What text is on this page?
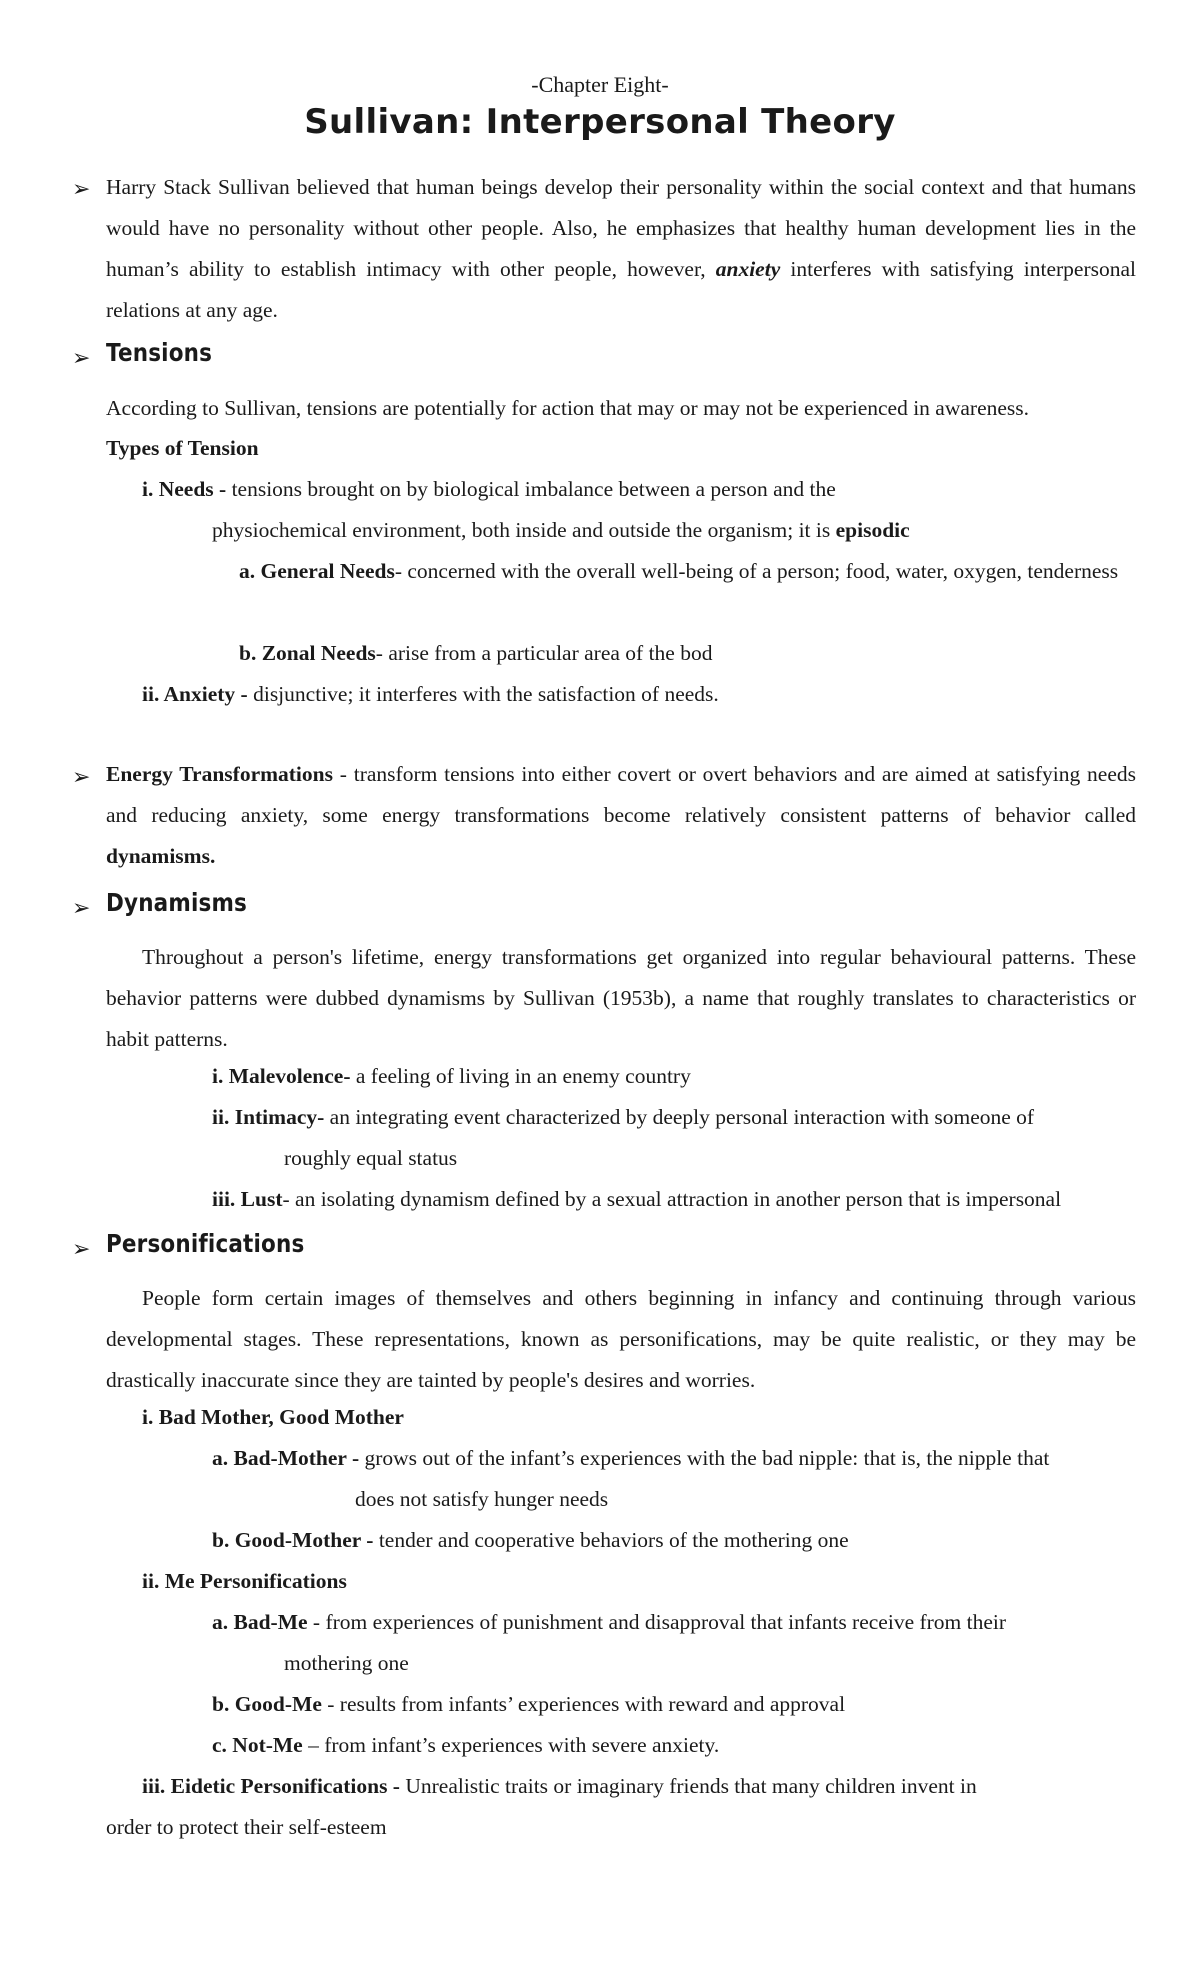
-Chapter Eight-
Sullivan: Interpersonal Theory
➢ Harry Stack Sullivan believed that human beings develop their personality within the social context and that humans would have no personality without other people. Also, he emphasizes that healthy human development lies in the human’s ability to establish intimacy with other people, however, anxiety interferes with satisfying interpersonal relations at any age.
➢ Tensions
According to Sullivan, tensions are potentially for action that may or may not be experienced in awareness.
Types of Tension
i. Needs - tensions brought on by biological imbalance between a person and the
physiochemical environment, both inside and outside the organism; it is episodic
a. General Needs- concerned with the overall well-being of a person; food, water, oxygen, tenderness
b. Zonal Needs- arise from a particular area of the bod
ii. Anxiety - disjunctive; it interferes with the satisfaction of needs.
➢ Energy Transformations - transform tensions into either covert or overt behaviors and are aimed at satisfying needs and reducing anxiety, some energy transformations become relatively consistent patterns of behavior called dynamisms.
➢ Dynamisms
Throughout a person's lifetime, energy transformations get organized into regular behavioural patterns. These behavior patterns were dubbed dynamisms by Sullivan (1953b), a name that roughly translates to characteristics or habit patterns.
i. Malevolence- a feeling of living in an enemy country
ii. Intimacy- an integrating event characterized by deeply personal interaction with someone of
roughly equal status
iii. Lust- an isolating dynamism defined by a sexual attraction in another person that is impersonal
➢ Personifications
People form certain images of themselves and others beginning in infancy and continuing through various developmental stages. These representations, known as personifications, may be quite realistic, or they may be drastically inaccurate since they are tainted by people's desires and worries.
i. Bad Mother, Good Mother
a. Bad-Mother - grows out of the infant’s experiences with the bad nipple: that is, the nipple that
does not satisfy hunger needs
b. Good-Mother - tender and cooperative behaviors of the mothering one
ii. Me Personifications
a. Bad-Me - from experiences of punishment and disapproval that infants receive from their
mothering one
b. Good-Me - results from infants’ experiences with reward and approval
c. Not-Me – from infant’s experiences with severe anxiety.
iii. Eidetic Personifications - Unrealistic traits or imaginary friends that many children invent in
order to protect their self-esteem
